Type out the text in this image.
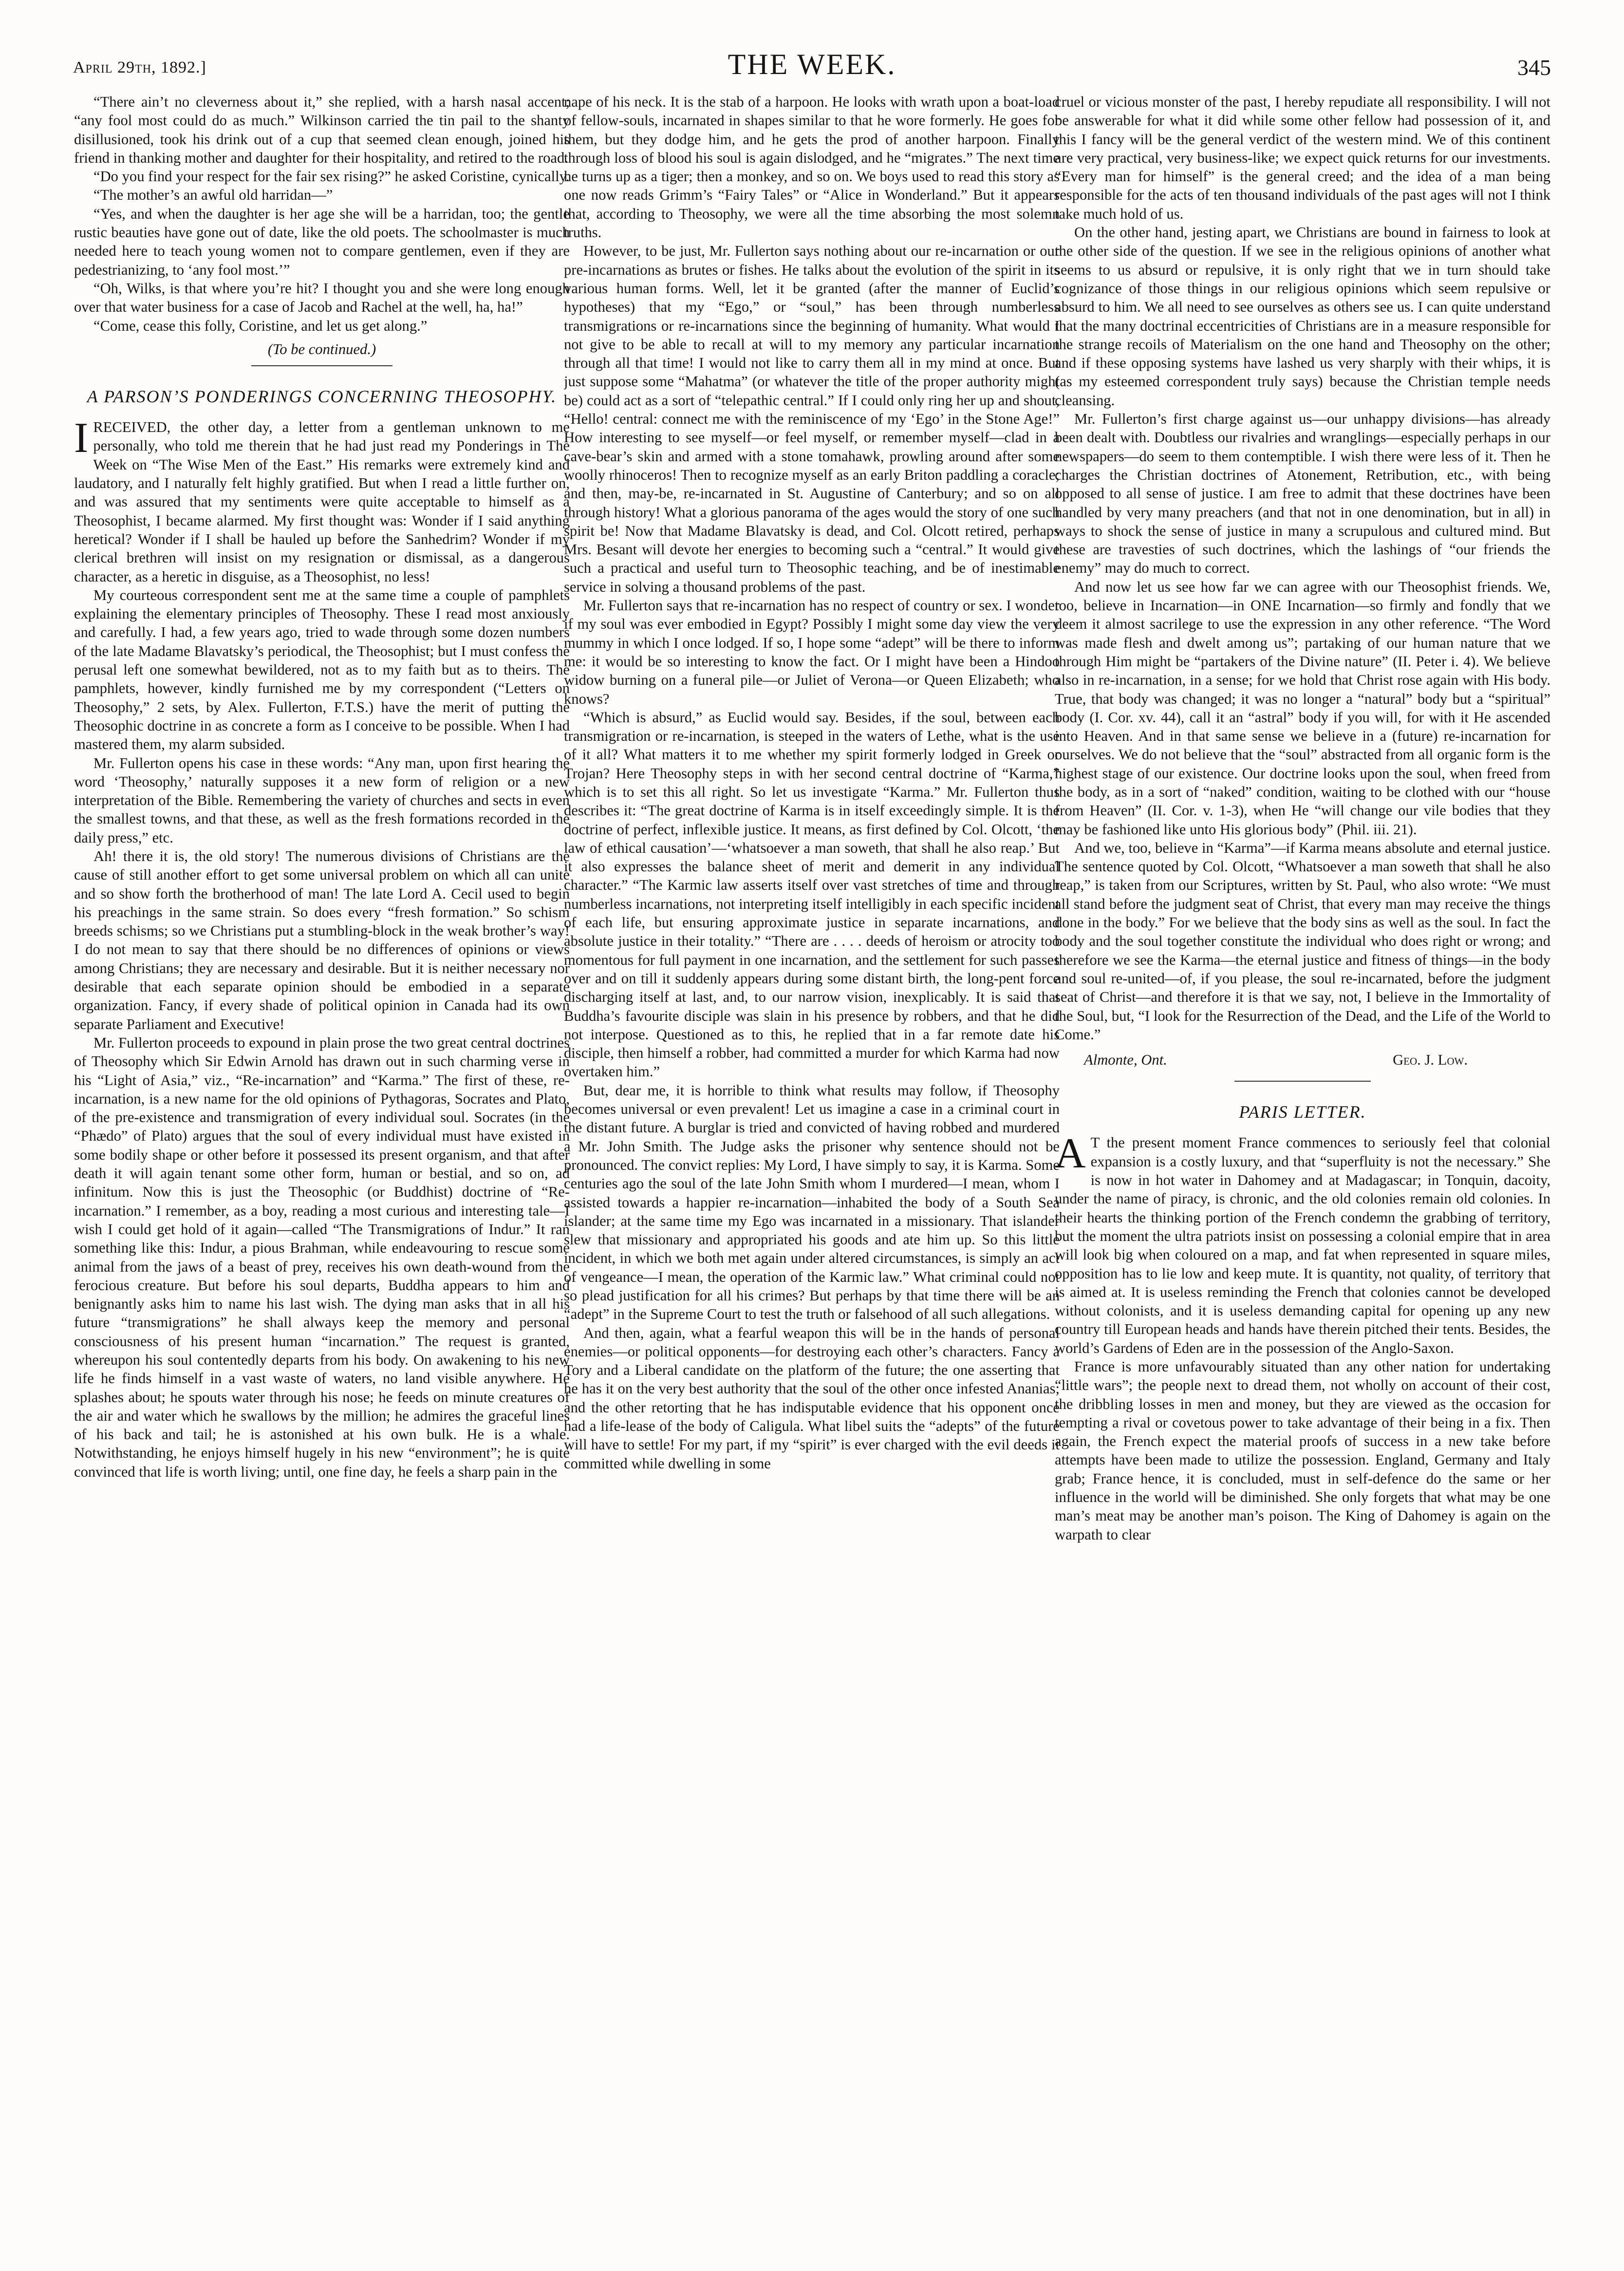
April 29th, 1892.]	THE WEEK.	345

“There ain’t no cleverness about it,” she replied, with a harsh nasal accent; “any fool most could do as much.” Wilkinson carried the tin pail to the shanty disillusioned, took his drink out of a cup that seemed clean enough, joined his friend in thanking mother and daughter for their hospitality, and retired to the road.

“Do you find your respect for the fair sex rising?” he asked Coristine, cynically.

“The mother’s an awful old harridan—”

“Yes, and when the daughter is her age she will be a harridan, too; the gentle rustic beauties have gone out of date, like the old poets. The schoolmaster is much needed here to teach young women not to compare gentlemen, even if they are pedestrianizing, to ‘any fool most.’”

“Oh, Wilks, is that where you’re hit? I thought you and she were long enough over that water business for a case of Jacob and Rachel at the well, ha, ha!”

“Come, cease this folly, Coristine, and let us get along.”

(To be continued.)
A PARSON’S PONDERINGS CONCERNING THEOSOPHY.

I RECEIVED, the other day, a letter from a gentleman unknown to me personally, who told me therein that he had just read my Ponderings in The Week on “The Wise Men of the East.” His remarks were extremely kind and laudatory, and I naturally felt highly gratified. But when I read a little further on, and was assured that my sentiments were quite acceptable to himself as a Theosophist, I became alarmed. My first thought was: Wonder if I said anything heretical? Wonder if I shall be hauled up before the Sanhedrim? Wonder if my clerical brethren will insist on my resignation or dismissal, as a dangerous character, as a heretic in disguise, as a Theosophist, no less!

My courteous correspondent sent me at the same time a couple of pamphlets explaining the elementary principles of Theosophy. These I read most anxiously and carefully. I had, a few years ago, tried to wade through some dozen numbers of the late Madame Blavatsky’s periodical, the Theosophist; but I must confess the perusal left one somewhat bewildered, not as to my faith but as to theirs. The pamphlets, however, kindly furnished me by my correspondent (“Letters on Theosophy,” 2 sets, by Alex. Fullerton, F.T.S.) have the merit of putting the Theosophic doctrine in as concrete a form as I conceive to be possible. When I had mastered them, my alarm subsided.

Mr. Fullerton opens his case in these words: “Any man, upon first hearing the word ‘Theosophy,’ naturally supposes it a new form of religion or a new interpretation of the Bible. Remembering the variety of churches and sects in even the smallest towns, and that these, as well as the fresh formations recorded in the daily press,” etc.

Ah! there it is, the old story! The numerous divisions of Christians are the cause of still another effort to get some universal problem on which all can unite and so show forth the brotherhood of man! The late Lord A. Cecil used to begin his preachings in the same strain. So does every “fresh formation.” So schism breeds schisms; so we Christians put a stumbling-block in the weak brother’s way! I do not mean to say that there should be no differences of opinions or views among Christians; they are necessary and desirable. But it is neither necessary nor desirable that each separate opinion should be embodied in a separate organization. Fancy, if every shade of political opinion in Canada had its own separate Parliament and Executive!

Mr. Fullerton proceeds to expound in plain prose the two great central doctrines of Theosophy which Sir Edwin Arnold has drawn out in such charming verse in his “Light of Asia,” viz., “Re-incarnation” and “Karma.” The first of these, re-incarnation, is a new name for the old opinions of Pythagoras, Socrates and Plato, of the pre-existence and transmigration of every individual soul. Socrates (in the “Phædo” of Plato) argues that the soul of every individual must have existed in some bodily shape or other before it possessed its present organism, and that after death it will again tenant some other form, human or bestial, and so on, ad infinitum. Now this is just the Theosophic (or Buddhist) doctrine of “Re-incarnation.” I remember, as a boy, reading a most curious and interesting tale—I wish I could get hold of it again—called “The Transmigrations of Indur.” It ran something like this: Indur, a pious Brahman, while endeavouring to rescue some animal from the jaws of a beast of prey, receives his own death-wound from the ferocious creature. But before his soul departs, Buddha appears to him and benignantly asks him to name his last wish. The dying man asks that in all his future “transmigrations” he shall always keep the memory and personal consciousness of his present human “incarnation.” The request is granted, whereupon his soul contentedly departs from his body. On awakening to his new life he finds himself in a vast waste of waters, no land visible anywhere. He splashes about; he spouts water through his nose; he feeds on minute creatures of the air and water which he swallows by the million; he admires the graceful lines of his back and tail; he is astonished at his own bulk. He is a whale. Notwithstanding, he enjoys himself hugely in his new “environment”; he is quite convinced that life is worth living; until, one fine day, he feels a sharp pain in the

nape of his neck. It is the stab of a harpoon. He looks with wrath upon a boat-load of fellow-souls, incarnated in shapes similar to that he wore formerly. He goes for them, but they dodge him, and he gets the prod of another harpoon. Finally through loss of blood his soul is again dislodged, and he “migrates.” The next time he turns up as a tiger; then a monkey, and so on. We boys used to read this story as one now reads Grimm’s “Fairy Tales” or “Alice in Wonderland.” But it appears that, according to Theosophy, we were all the time absorbing the most solemn truths.

However, to be just, Mr. Fullerton says nothing about our re-incarnation or our pre-incarnations as brutes or fishes. He talks about the evolution of the spirit in its various human forms. Well, let it be granted (after the manner of Euclid’s hypotheses) that my “Ego,” or “soul,” has been through numberless transmigrations or re-incarnations since the beginning of humanity. What would I not give to be able to recall at will to my memory any particular incarnation through all that time! I would not like to carry them all in my mind at once. But just suppose some “Mahatma” (or whatever the title of the proper authority might be) could act as a sort of “telepathic central.” If I could only ring her up and shout, “Hello! central: connect me with the reminiscence of my ‘Ego’ in the Stone Age!” How interesting to see myself—or feel myself, or remember myself—clad in a cave-bear’s skin and armed with a stone tomahawk, prowling around after some woolly rhinoceros! Then to recognize myself as an early Briton paddling a coracle; and then, may-be, re-incarnated in St. Augustine of Canterbury; and so on all through history! What a glorious panorama of the ages would the story of one such spirit be! Now that Madame Blavatsky is dead, and Col. Olcott retired, perhaps Mrs. Besant will devote her energies to becoming such a “central.” It would give such a practical and useful turn to Theosophic teaching, and be of inestimable service in solving a thousand problems of the past.

Mr. Fullerton says that re-incarnation has no respect of country or sex. I wonder if my soul was ever embodied in Egypt? Possibly I might some day view the very mummy in which I once lodged. If so, I hope some “adept” will be there to inform me: it would be so interesting to know the fact. Or I might have been a Hindoo widow burning on a funeral pile—or Juliet of Verona—or Queen Elizabeth; who knows?

“Which is absurd,” as Euclid would say. Besides, if the soul, between each transmigration or re-incarnation, is steeped in the waters of Lethe, what is the use of it all? What matters it to me whether my spirit formerly lodged in Greek or Trojan? Here Theosophy steps in with her second central doctrine of “Karma,” which is to set this all right. So let us investigate “Karma.” Mr. Fullerton thus describes it: “The great doctrine of Karma is in itself exceedingly simple. It is the doctrine of perfect, inflexible justice. It means, as first defined by Col. Olcott, ‘the law of ethical causation’—‘whatsoever a man soweth, that shall he also reap.’ But it also expresses the balance sheet of merit and demerit in any individual character.” “The Karmic law asserts itself over vast stretches of time and through numberless incarnations, not interpreting itself intelligibly in each specific incident of each life, but ensuring approximate justice in separate incarnations, and absolute justice in their totality.” “There are . . . . deeds of heroism or atrocity too momentous for full payment in one incarnation, and the settlement for such passes over and on till it suddenly appears during some distant birth, the long-pent force discharging itself at last, and, to our narrow vision, inexplicably. It is said that Buddha’s favourite disciple was slain in his presence by robbers, and that he did not interpose. Questioned as to this, he replied that in a far remote date his disciple, then himself a robber, had committed a murder for which Karma had now overtaken him.”

But, dear me, it is horrible to think what results may follow, if Theosophy becomes universal or even prevalent! Let us imagine a case in a criminal court in the distant future. A burglar is tried and convicted of having robbed and murdered a Mr. John Smith. The Judge asks the prisoner why sentence should not be pronounced. The convict replies: My Lord, I have simply to say, it is Karma. Some centuries ago the soul of the late John Smith whom I murdered—I mean, whom I assisted towards a happier re-incarnation—inhabited the body of a South Sea islander; at the same time my Ego was incarnated in a missionary. That islander slew that missionary and appropriated his goods and ate him up. So this little incident, in which we both met again under altered circumstances, is simply an act of vengeance—I mean, the operation of the Karmic law.” What criminal could not so plead justification for all his crimes? But perhaps by that time there will be an “adept” in the Supreme Court to test the truth or falsehood of all such allegations.

And then, again, what a fearful weapon this will be in the hands of personal enemies—or political opponents—for destroying each other’s characters. Fancy a Tory and a Liberal candidate on the platform of the future; the one asserting that he has it on the very best authority that the soul of the other once infested Ananias; and the other retorting that he has indisputable evidence that his opponent once had a life-lease of the body of Caligula. What libel suits the “adepts” of the future will have to settle! For my part, if my “spirit” is ever charged with the evil deeds it committed while dwelling in some

cruel or vicious monster of the past, I hereby repudiate all responsibility. I will not be answerable for what it did while some other fellow had possession of it, and this I fancy will be the general verdict of the western mind. We of this continent are very practical, very business-like; we expect quick returns for our investments. “Every man for himself” is the general creed; and the idea of a man being responsible for the acts of ten thousand individuals of the past ages will not I think take much hold of us.

On the other hand, jesting apart, we Christians are bound in fairness to look at the other side of the question. If we see in the religious opinions of another what seems to us absurd or repulsive, it is only right that we in turn should take cognizance of those things in our religious opinions which seem repulsive or absurd to him. We all need to see ourselves as others see us. I can quite understand that the many doctrinal eccentricities of Christians are in a measure responsible for the strange recoils of Materialism on the one hand and Theosophy on the other; and if these opposing systems have lashed us very sharply with their whips, it is (as my esteemed correspondent truly says) because the Christian temple needs cleansing.

Mr. Fullerton’s first charge against us—our unhappy divisions—has already been dealt with. Doubtless our rivalries and wranglings—especially perhaps in our newspapers—do seem to them contemptible. I wish there were less of it. Then he charges the Christian doctrines of Atonement, Retribution, etc., with being opposed to all sense of justice. I am free to admit that these doctrines have been handled by very many preachers (and that not in one denomination, but in all) in ways to shock the sense of justice in many a scrupulous and cultured mind. But these are travesties of such doctrines, which the lashings of “our friends the enemy” may do much to correct.

And now let us see how far we can agree with our Theosophist friends. We, too, believe in Incarnation—in ONE Incarnation—so firmly and fondly that we deem it almost sacrilege to use the expression in any other reference. “The Word was made flesh and dwelt among us”; partaking of our human nature that we through Him might be “partakers of the Divine nature” (II. Peter i. 4). We believe also in re-incarnation, in a sense; for we hold that Christ rose again with His body. True, that body was changed; it was no longer a “natural” body but a “spiritual” body (I. Cor. xv. 44), call it an “astral” body if you will, for with it He ascended into Heaven. And in that same sense we believe in a (future) re-incarnation for ourselves. We do not believe that the “soul” abstracted from all organic form is the highest stage of our existence. Our doctrine looks upon the soul, when freed from the body, as in a sort of “naked” condition, waiting to be clothed with our “house from Heaven” (II. Cor. v. 1-3), when He “will change our vile bodies that they may be fashioned like unto His glorious body” (Phil. iii. 21).

And we, too, believe in “Karma”—if Karma means absolute and eternal justice. The sentence quoted by Col. Olcott, “Whatsoever a man soweth that shall he also reap,” is taken from our Scriptures, written by St. Paul, who also wrote: “We must all stand before the judgment seat of Christ, that every man may receive the things done in the body.” For we believe that the body sins as well as the soul. In fact the body and the soul together constitute the individual who does right or wrong; and therefore we see the Karma—the eternal justice and fitness of things—in the body and soul re-united—of, if you please, the soul re-incarnated, before the judgment seat of Christ—and therefore it is that we say, not, I believe in the Immortality of the Soul, but, “I look for the Resurrection of the Dead, and the Life of the World to Come.”

Almonte, Ont.	Geo. J. Low.
PARIS LETTER.

A T the present moment France commences to seriously feel that colonial expansion is a costly luxury, and that “superfluity is not the necessary.” She is now in hot water in Dahomey and at Madagascar; in Tonquin, dacoity, under the name of piracy, is chronic, and the old colonies remain old colonies. In their hearts the thinking portion of the French condemn the grabbing of territory, but the moment the ultra patriots insist on possessing a colonial empire that in area will look big when coloured on a map, and fat when represented in square miles, opposition has to lie low and keep mute. It is quantity, not quality, of territory that is aimed at. It is useless reminding the French that colonies cannot be developed without colonists, and it is useless demanding capital for opening up any new country till European heads and hands have therein pitched their tents. Besides, the world’s Gardens of Eden are in the possession of the Anglo-Saxon.

France is more unfavourably situated than any other nation for undertaking “little wars”; the people next to dread them, not wholly on account of their cost, the dribbling losses in men and money, but they are viewed as the occasion for tempting a rival or covetous power to take advantage of their being in a fix. Then again, the French expect the material proofs of success in a new take before attempts have been made to utilize the possession. England, Germany and Italy grab; France hence, it is concluded, must in self-defence do the same or her influence in the world will be diminished. She only forgets that what may be one man’s meat may be another man’s poison. The King of Dahomey is again on the warpath to clear
